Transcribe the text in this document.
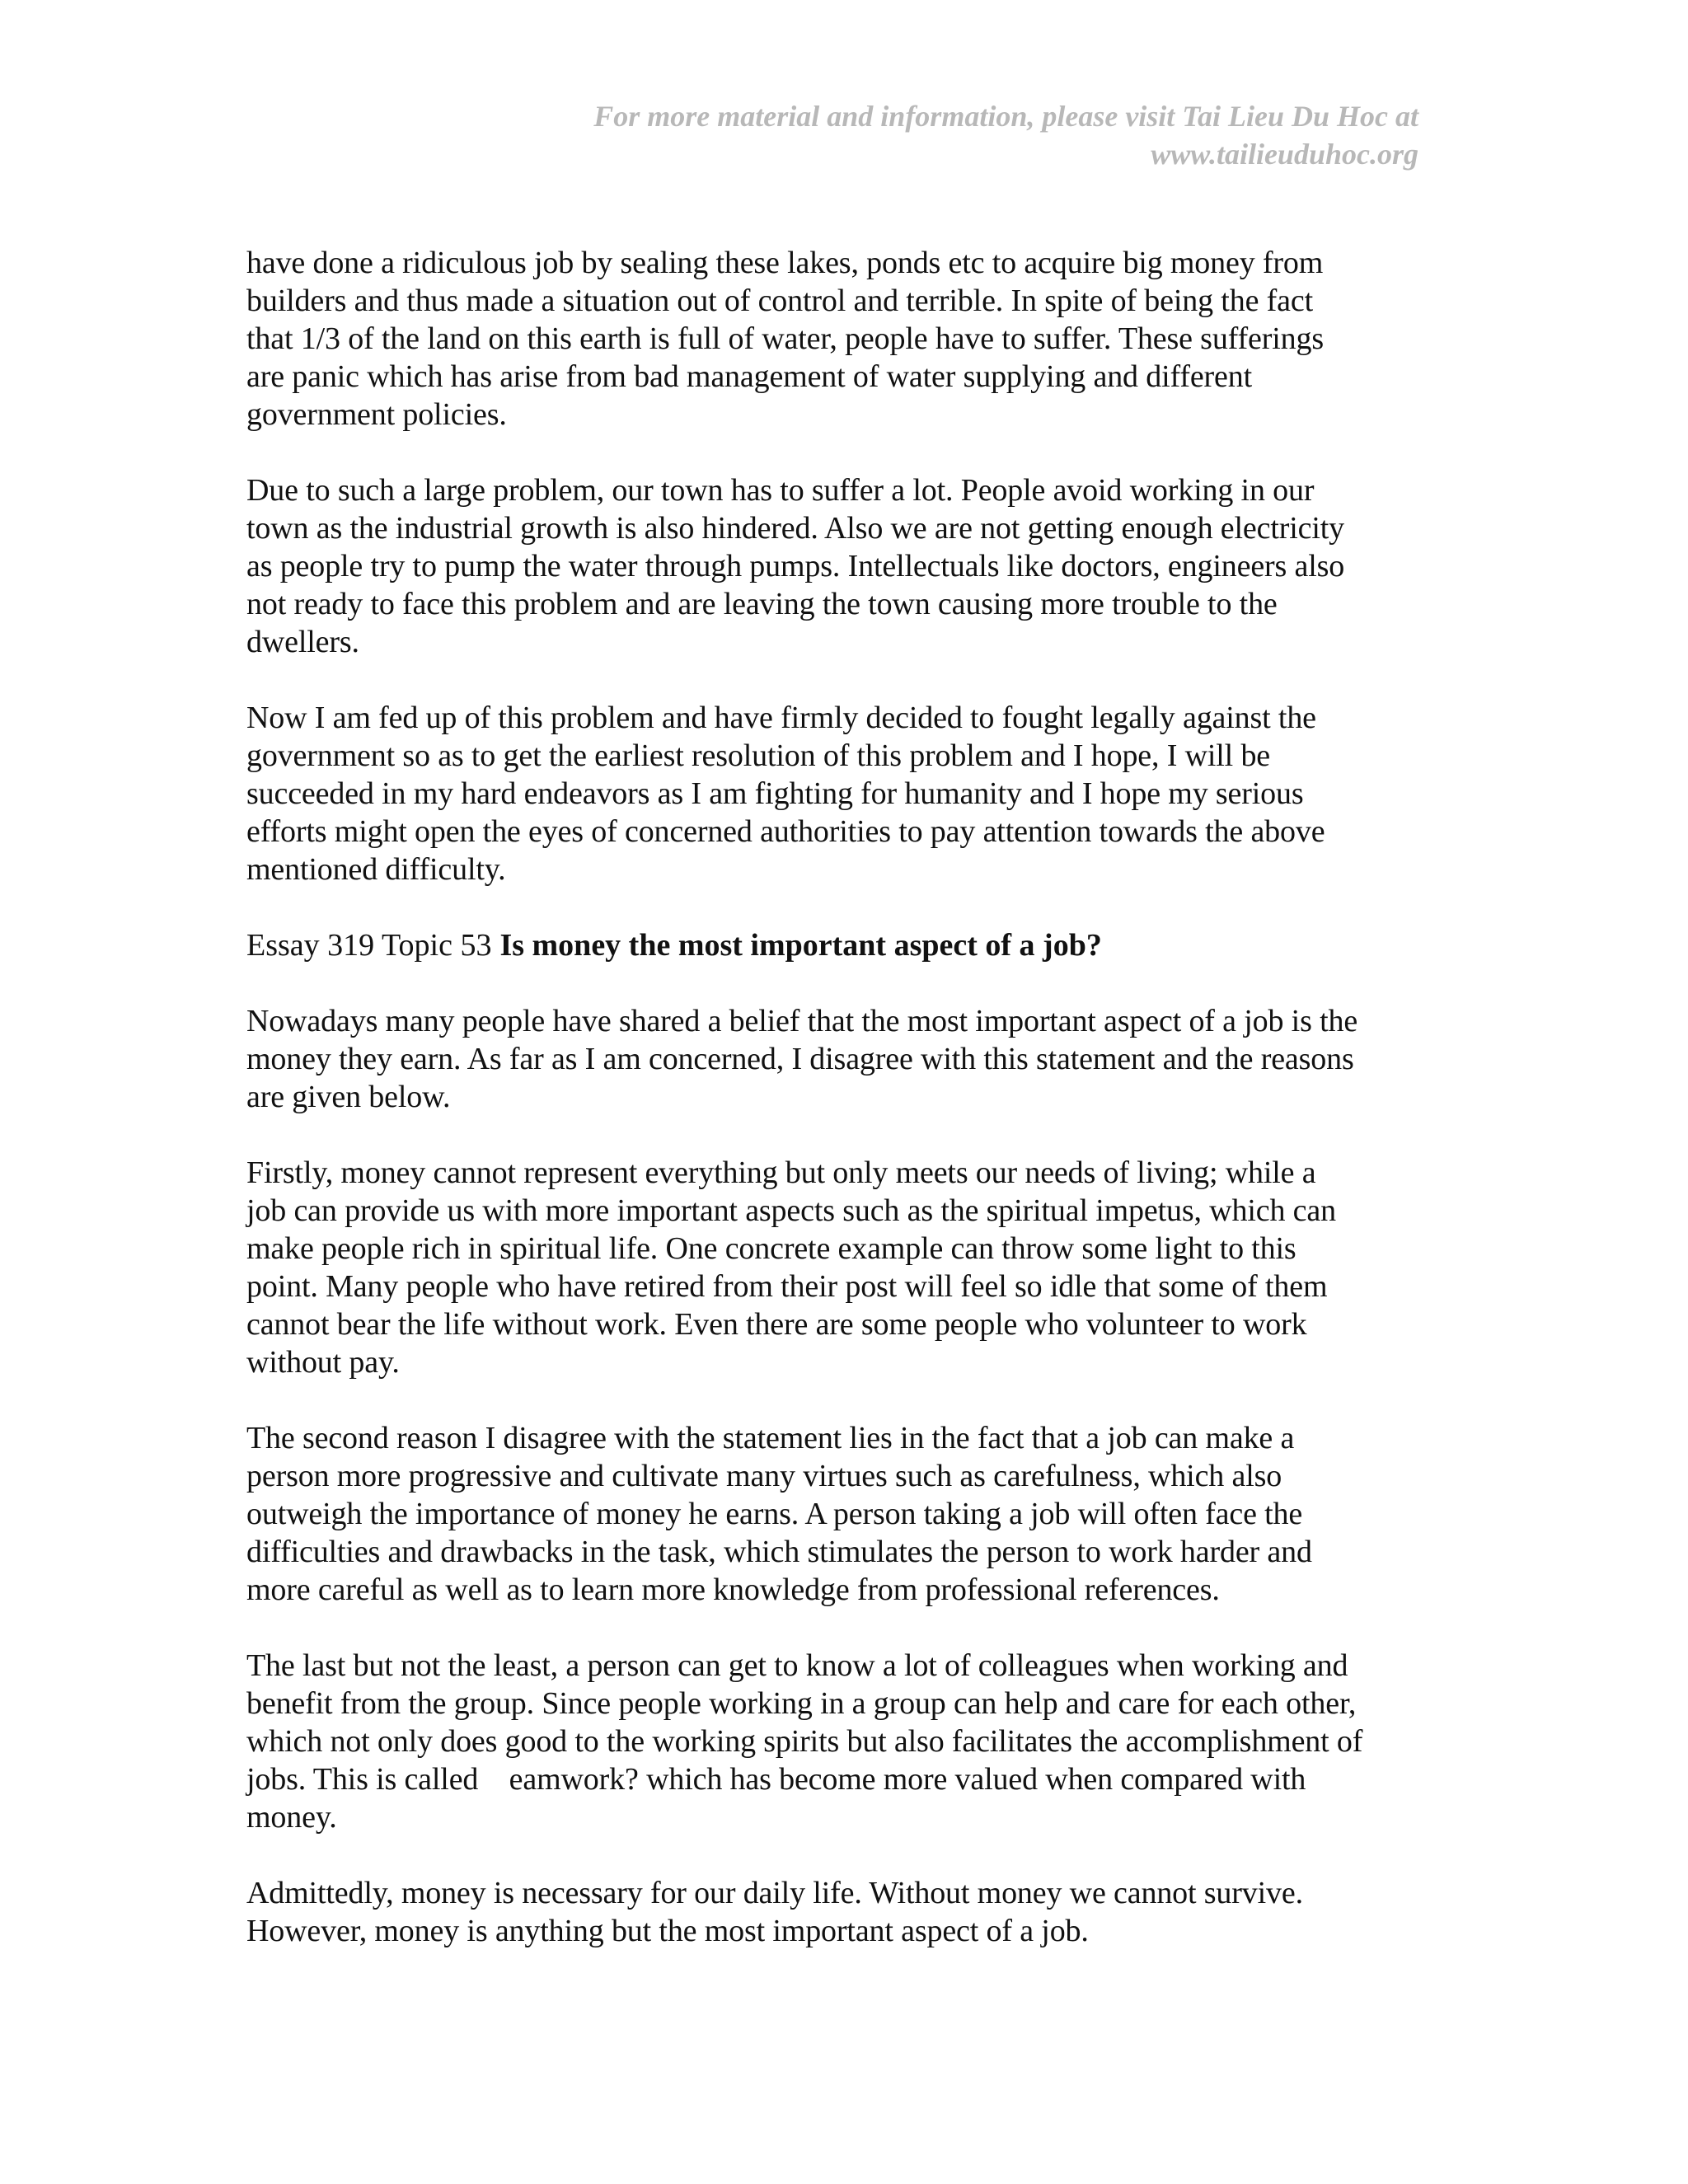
For more material and information, please visit Tai Lieu Du Hoc at
www.tailieuduhoc.org
have done a ridiculous job by sealing these lakes, ponds etc to acquire big money from
builders and thus made a situation out of control and terrible. In spite of being the fact
that 1/3 of the land on this earth is full of water, people have to suffer. These sufferings
are panic which has arise from bad management of water supplying and different
government policies.
Due to such a large problem, our town has to suffer a lot. People avoid working in our
town as the industrial growth is also hindered. Also we are not getting enough electricity
as people try to pump the water through pumps. Intellectuals like doctors, engineers also
not ready to face this problem and are leaving the town causing more trouble to the
dwellers.
Now I am fed up of this problem and have firmly decided to fought legally against the
government so as to get the earliest resolution of this problem and I hope, I will be
succeeded in my hard endeavors as I am fighting for humanity and I hope my serious
efforts might open the eyes of concerned authorities to pay attention towards the above
mentioned difficulty.
Essay 319 Topic 53 Is money the most important aspect of a job?
Nowadays many people have shared a belief that the most important aspect of a job is the
money they earn. As far as I am concerned, I disagree with this statement and the reasons
are given below.
Firstly, money cannot represent everything but only meets our needs of living; while a
job can provide us with more important aspects such as the spiritual impetus, which can
make people rich in spiritual life. One concrete example can throw some light to this
point. Many people who have retired from their post will feel so idle that some of them
cannot bear the life without work. Even there are some people who volunteer to work
without pay.
The second reason I disagree with the statement lies in the fact that a job can make a
person more progressive and cultivate many virtues such as carefulness, which also
outweigh the importance of money he earns. A person taking a job will often face the
difficulties and drawbacks in the task, which stimulates the person to work harder and
more careful as well as to learn more knowledge from professional references.
The last but not the least, a person can get to know a lot of colleagues when working and
benefit from the group. Since people working in a group can help and care for each other,
which not only does good to the working spirits but also facilitates the accomplishment of
jobs. This is called    eamwork? which has become more valued when compared with
money.
Admittedly, money is necessary for our daily life. Without money we cannot survive.
However, money is anything but the most important aspect of a job.
